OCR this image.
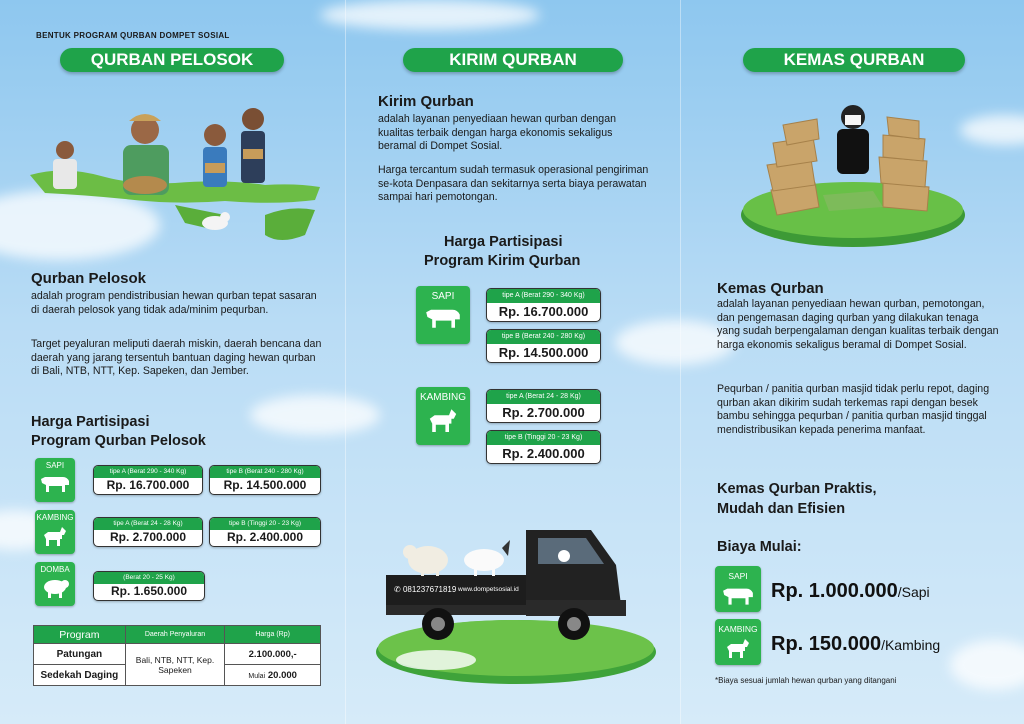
BENTUK PROGRAM QURBAN DOMPET SOSIAL
QURBAN PELOSOK
Qurban Pelosok
adalah program pendistribusian hewan qurban tepat sasaran di daerah pelosok yang tidak ada/minim pequrban.
Target peyaluran meliputi daerah miskin, daerah bencana dan daerah yang jarang tersentuh bantuan daging hewan qurban di Bali, NTB, NTT, Kep. Sapeken, dan Jember.
Harga Partisipasi
Program Qurban Pelosok
SAPI
tipe A (Berat 290 - 340 Kg)
Rp. 16.700.000
tipe B (Berat 240 - 280 Kg)
Rp. 14.500.000
KAMBING
tipe A (Berat 24 - 28 Kg)
Rp. 2.700.000
tipe B (Tinggi 20 - 23 Kg)
Rp. 2.400.000
DOMBA
(Berat 20 - 25 Kg)
Rp. 1.650.000
Program	Daerah Penyaluran	Harga (Rp)
Patungan	Bali, NTB, NTT, Kep. Sapeken	2.100.000,-
Sedekah Daging		Mulai 20.000
KIRIM QURBAN
Kirim Qurban
adalah layanan penyediaan hewan qurban dengan kualitas terbaik dengan harga ekonomis sekaligus beramal di Dompet Sosial.
Harga tercantum sudah termasuk operasional pengiriman se-kota Denpasara dan sekitarnya serta biaya perawatan sampai hari pemotongan.
Harga Partisipasi
Program Kirim Qurban
SAPI	tipe A (Berat 290 - 340 Kg)
Rp. 16.700.000
tipe B (Berat 240 - 280 Kg)
Rp. 14.500.000
KAMBING	tipe A (Berat 24 - 28 Kg)
Rp. 2.700.000
tipe B (Tinggi 20 - 23 Kg)
Rp. 2.400.000
✆ 081237671819 www.dompetsosial.id
KEMAS QURBAN
Kemas Qurban
adalah layanan penyediaan hewan qurban, pemotongan, dan pengemasan daging qurban yang dilakukan tenaga yang sudah berpengalaman dengan kualitas terbaik dengan harga ekonomis sekaligus beramal di Dompet Sosial.
Pequrban / panitia qurban masjid tidak perlu repot, daging qurban akan dikirim sudah terkemas rapi dengan besek bambu sehingga pequrban / panitia qurban masjid tinggal mendistribusikan kepada penerima manfaat.
Kemas Qurban Praktis,
Mudah dan Efisien
Biaya Mulai:
SAPI
Rp. 1.000.000/Sapi
KAMBING
Rp. 150.000/Kambing
*Biaya sesuai jumlah hewan qurban yang ditangani
